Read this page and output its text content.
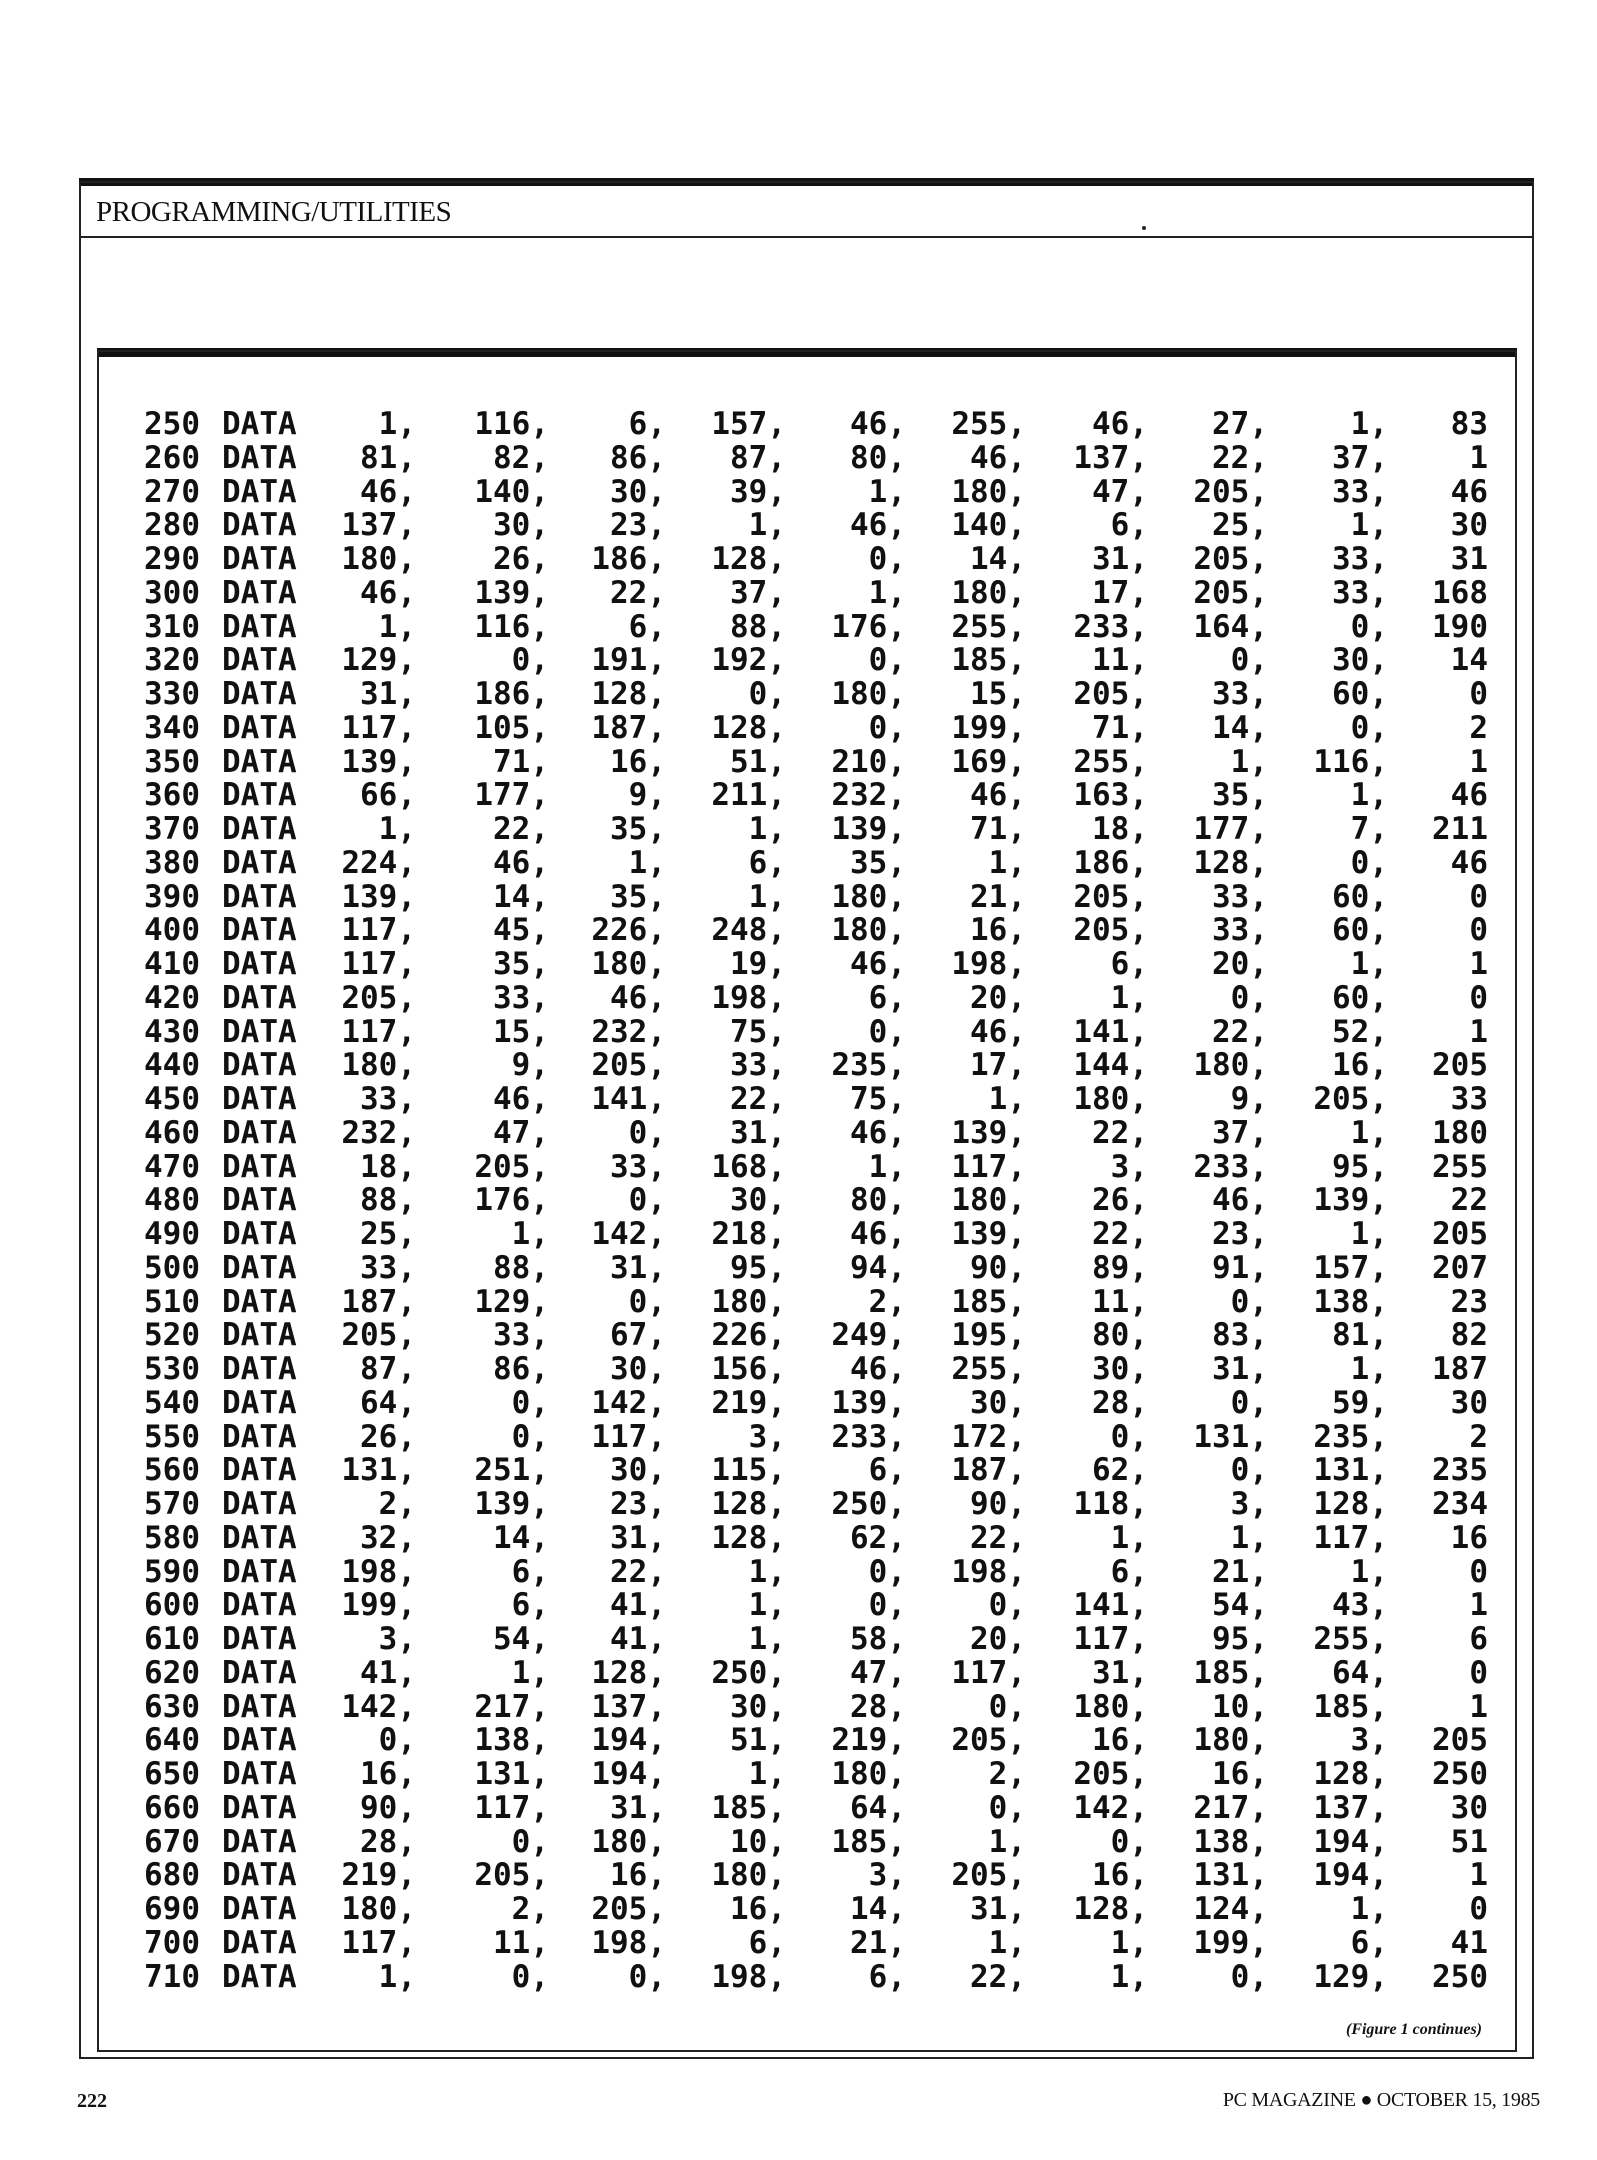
PROGRAMMING/UTILITIES
250 DATA	1,	116,	6,	157,	46,	255,	46,	27,	1,	83
260 DATA	81,	82,	86,	87,	80,	46,	137,	22,	37,	1
270 DATA	46,	140,	30,	39,	1,	180,	47,	205,	33,	46
280 DATA	137,	30,	23,	1,	46,	140,	6,	25,	1,	30
290 DATA	180,	26,	186,	128,	0,	14,	31,	205,	33,	31
300 DATA	46,	139,	22,	37,	1,	180,	17,	205,	33,	168
310 DATA	1,	116,	6,	88,	176,	255,	233,	164,	0,	190
320 DATA	129,	0,	191,	192,	0,	185,	11,	0,	30,	14
330 DATA	31,	186,	128,	0,	180,	15,	205,	33,	60,	0
340 DATA	117,	105,	187,	128,	0,	199,	71,	14,	0,	2
350 DATA	139,	71,	16,	51,	210,	169,	255,	1,	116,	1
360 DATA	66,	177,	9,	211,	232,	46,	163,	35,	1,	46
370 DATA	1,	22,	35,	1,	139,	71,	18,	177,	7,	211
380 DATA	224,	46,	1,	6,	35,	1,	186,	128,	0,	46
390 DATA	139,	14,	35,	1,	180,	21,	205,	33,	60,	0
400 DATA	117,	45,	226,	248,	180,	16,	205,	33,	60,	0
410 DATA	117,	35,	180,	19,	46,	198,	6,	20,	1,	1
420 DATA	205,	33,	46,	198,	6,	20,	1,	0,	60,	0
430 DATA	117,	15,	232,	75,	0,	46,	141,	22,	52,	1
440 DATA	180,	9,	205,	33,	235,	17,	144,	180,	16,	205
450 DATA	33,	46,	141,	22,	75,	1,	180,	9,	205,	33
460 DATA	232,	47,	0,	31,	46,	139,	22,	37,	1,	180
470 DATA	18,	205,	33,	168,	1,	117,	3,	233,	95,	255
480 DATA	88,	176,	0,	30,	80,	180,	26,	46,	139,	22
490 DATA	25,	1,	142,	218,	46,	139,	22,	23,	1,	205
500 DATA	33,	88,	31,	95,	94,	90,	89,	91,	157,	207
510 DATA	187,	129,	0,	180,	2,	185,	11,	0,	138,	23
520 DATA	205,	33,	67,	226,	249,	195,	80,	83,	81,	82
530 DATA	87,	86,	30,	156,	46,	255,	30,	31,	1,	187
540 DATA	64,	0,	142,	219,	139,	30,	28,	0,	59,	30
550 DATA	26,	0,	117,	3,	233,	172,	0,	131,	235,	2
560 DATA	131,	251,	30,	115,	6,	187,	62,	0,	131,	235
570 DATA	2,	139,	23,	128,	250,	90,	118,	3,	128,	234
580 DATA	32,	14,	31,	128,	62,	22,	1,	1,	117,	16
590 DATA	198,	6,	22,	1,	0,	198,	6,	21,	1,	0
600 DATA	199,	6,	41,	1,	0,	0,	141,	54,	43,	1
610 DATA	3,	54,	41,	1,	58,	20,	117,	95,	255,	6
620 DATA	41,	1,	128,	250,	47,	117,	31,	185,	64,	0
630 DATA	142,	217,	137,	30,	28,	0,	180,	10,	185,	1
640 DATA	0,	138,	194,	51,	219,	205,	16,	180,	3,	205
650 DATA	16,	131,	194,	1,	180,	2,	205,	16,	128,	250
660 DATA	90,	117,	31,	185,	64,	0,	142,	217,	137,	30
670 DATA	28,	0,	180,	10,	185,	1,	0,	138,	194,	51
680 DATA	219,	205,	16,	180,	3,	205,	16,	131,	194,	1
690 DATA	180,	2,	205,	16,	14,	31,	128,	124,	1,	0
700 DATA	117,	11,	198,	6,	21,	1,	1,	199,	6,	41
710 DATA	1,	0,	0,	198,	6,	22,	1,	0,	129,	250
(Figure 1 continues)
222	PC MAGAZINE ● OCTOBER 15, 1985
